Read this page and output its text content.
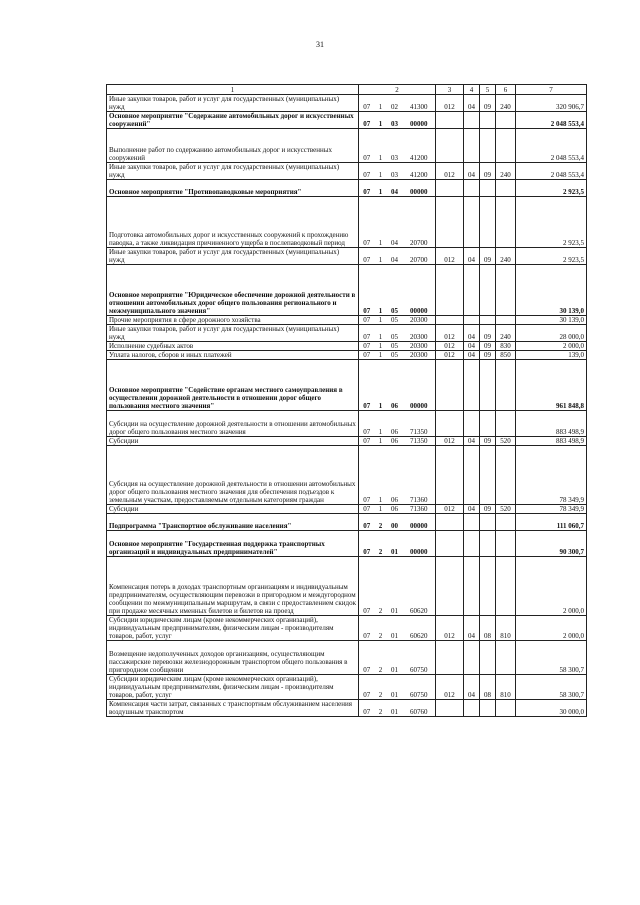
31
1	2				3	4	5	6	7
Иные закупки товаров, работ и услуг для государственных (муниципальных) нужд	07	1	02	41300	012	04	09	240	320 906,7
Основное мероприятие "Содержание автомобильных дорог и искусственных сооружений"	07	1	03	00000					2 048 553,4
Выполнение работ по содержанию автомобильных дорог и искусственных сооружений	07	1	03	41200					2 048 553,4
Иные закупки товаров, работ и услуг для государственных (муниципальных) нужд	07	1	03	41200	012	04	09	240	2 048 553,4
Основное мероприятие "Противопаводковые мероприятия"	07	1	04	00000					2 923,5
Подготовка автомобильных дорог и искусственных сооружений к прохождению паводка, а также ликвидация причиненного ущерба в послепаводковый период	07	1	04	20700					2 923,5
Иные закупки товаров, работ и услуг для государственных (муниципальных) нужд	07	1	04	20700	012	04	09	240	2 923,5
Основное мероприятие "Юридическое обеспечение дорожной деятельности в отношении автомобильных дорог общего пользования регионального и межмуниципального значения"	07	1	05	00000					30 139,0
Прочие мероприятия в сфере дорожного хозяйства	07	1	05	20300					30 139,0
Иные закупки товаров, работ и услуг для государственных (муниципальных) нужд	07	1	05	20300	012	04	09	240	28 000,0
Исполнение судебных актов	07	1	05	20300	012	04	09	830	2 000,0
Уплата налогов, сборов и иных платежей	07	1	05	20300	012	04	09	850	139,0
Основное мероприятие "Содействие органам местного самоуправления в осуществлении дорожной деятельности в отношении дорог общего пользования местного значения"	07	1	06	00000					961 848,8
Субсидии на осуществление дорожной деятельности в отношении автомобильных дорог общего пользования местного значения	07	1	06	71350					883 498,9
Субсидии	07	1	06	71350	012	04	09	520	883 498,9
Субсидия на осуществление дорожной деятельности в отношении автомобильных дорог общего пользования местного значения для обеспечения подъездов к земельным участкам, предоставляемым отдельным категориям граждан	07	1	06	71360					78 349,9
Субсидии	07	1	06	71360	012	04	09	520	78 349,9
Подпрограмма "Транспортное обслуживание населения"	07	2	00	00000					111 060,7
Основное мероприятие "Государственная поддержка транспортных организаций и индивидуальных предпринимателей"	07	2	01	00000					90 300,7
Компенсация потерь в доходах транспортным организациям и индивидуальным предпринимателям, осуществляющим перевозки в пригородном и междугородном сообщении по межмуниципальным маршрутам, в связи с предоставлением скидок при продаже месячных именных билетов и билетов на проезд	07	2	01	60620					2 000,0
Субсидии юридическим лицам (кроме некоммерческих организаций), индивидуальным предпринимателям, физическим лицам - производителям товаров, работ, услуг	07	2	01	60620	012	04	08	810	2 000,0
Возмещение недополученных доходов организациям, осуществляющим пассажирские перевозки железнодорожным транспортом общего пользования в пригородном сообщении	07	2	01	60750					58 300,7
Субсидии юридическим лицам (кроме некоммерческих организаций), индивидуальным предпринимателям, физическим лицам - производителям товаров, работ, услуг	07	2	01	60750	012	04	08	810	58 300,7
Компенсация части затрат, связанных с транспортным обслуживанием населения воздушным транспортом	07	2	01	60760					30 000,0
